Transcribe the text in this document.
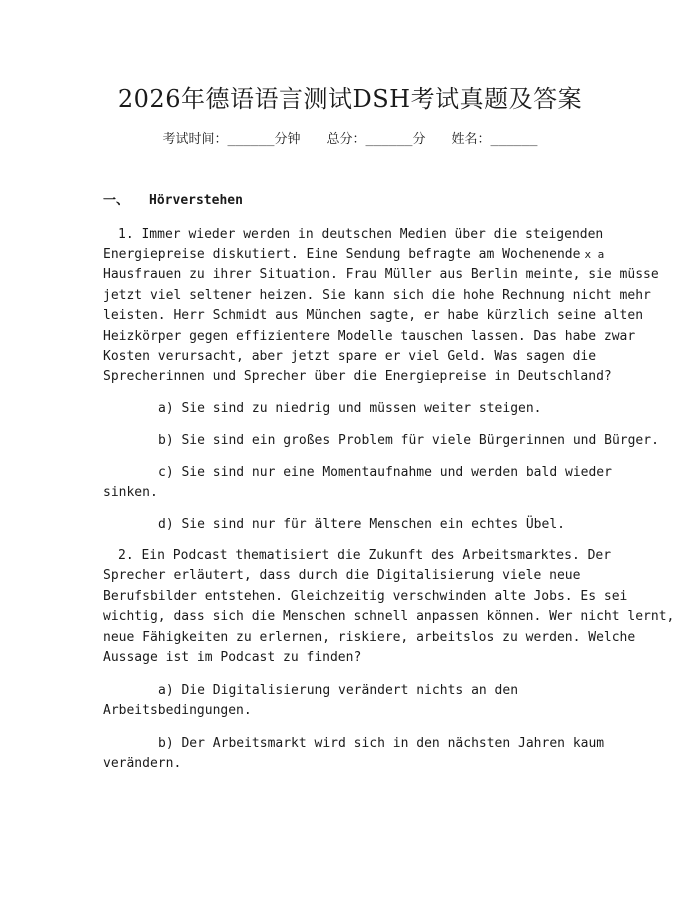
2026年德语语言测试DSH考试真题及答案
考试时间：______分钟 总分：______分 姓名：______
一、 Hörverstehen
1. Immer wieder werden in deutschen Medien über die steigenden
Energiepreise diskutiert. Eine Sendung befragte am Wochenende x a
Hausfrauen zu ihrer Situation. Frau Müller aus Berlin meinte, sie müsse
jetzt viel seltener heizen. Sie kann sich die hohe Rechnung nicht mehr
leisten. Herr Schmidt aus München sagte, er habe kürzlich seine alten
Heizkörper gegen effizientere Modelle tauschen lassen. Das habe zwar
Kosten verursacht, aber jetzt spare er viel Geld. Was sagen die
Sprecherinnen und Sprecher über die Energiepreise in Deutschland?
a) Sie sind zu niedrig und müssen weiter steigen.
b) Sie sind ein großes Problem für viele Bürgerinnen und Bürger.
c) Sie sind nur eine Momentaufnahme und werden bald wieder
sinken.
d) Sie sind nur für ältere Menschen ein echtes Übel.
2. Ein Podcast thematisiert die Zukunft des Arbeitsmarktes. Der
Sprecher erläutert, dass durch die Digitalisierung viele neue
Berufsbilder entstehen. Gleichzeitig verschwinden alte Jobs. Es sei
wichtig, dass sich die Menschen schnell anpassen können. Wer nicht lernt,
neue Fähigkeiten zu erlernen, riskiere, arbeitslos zu werden. Welche
Aussage ist im Podcast zu finden?
a) Die Digitalisierung verändert nichts an den
Arbeitsbedingungen.
b) Der Arbeitsmarkt wird sich in den nächsten Jahren kaum
verändern.
